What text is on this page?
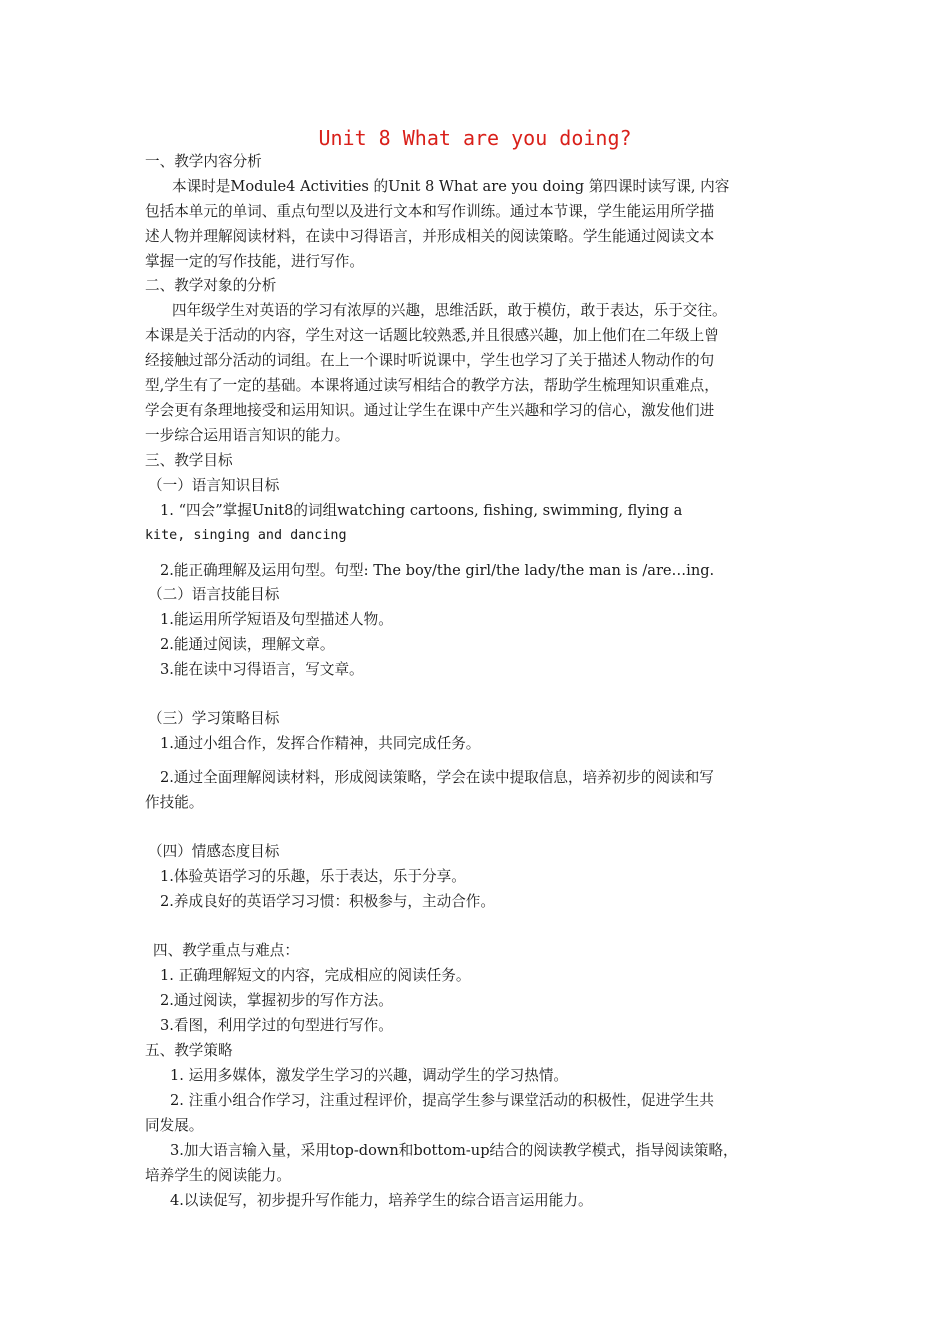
Unit 8 What are you doing?
一、教学内容分析
本课时是Module4 Activities 的Unit 8 What are you doing 第四课时读写课, 内容
包括本单元的单词、重点句型以及进行文本和写作训练。通过本节课，学生能运用所学描
述人物并理解阅读材料，在读中习得语言，并形成相关的阅读策略。学生能通过阅读文本
掌握一定的写作技能，进行写作。
二、教学对象的分析
四年级学生对英语的学习有浓厚的兴趣，思维活跃，敢于模仿，敢于表达，乐于交往。
本课是关于活动的内容，学生对这一话题比较熟悉,并且很感兴趣，加上他们在二年级上曾
经接触过部分活动的词组。在上一个课时听说课中，学生也学习了关于描述人物动作的句
型,学生有了一定的基础。本课将通过读写相结合的教学方法，帮助学生梳理知识重难点，
学会更有条理地接受和运用知识。通过让学生在课中产生兴趣和学习的信心，激发他们进
一步综合运用语言知识的能力。
三、教学目标
（一）语言知识目标
1. “四会”掌握Unit8的词组watching cartoons, fishing, swimming, flying a
kite, singing and dancing
2.能正确理解及运用句型。句型: The boy/the girl/the lady/the man is /are…ing.
（二）语言技能目标
1.能运用所学短语及句型描述人物。
2.能通过阅读，理解文章。
3.能在读中习得语言，写文章。
（三）学习策略目标
1.通过小组合作，发挥合作精神，共同完成任务。
2.通过全面理解阅读材料，形成阅读策略，学会在读中提取信息，培养初步的阅读和写
作技能。
（四）情感态度目标
1.体验英语学习的乐趣，乐于表达，乐于分享。
2.养成良好的英语学习习惯：积极参与，主动合作。
四、教学重点与难点：
1. 正确理解短文的内容，完成相应的阅读任务。
2.通过阅读，掌握初步的写作方法。
3.看图，利用学过的句型进行写作。
五、教学策略
1. 运用多媒体，激发学生学习的兴趣，调动学生的学习热情。
2. 注重小组合作学习，注重过程评价，提高学生参与课堂活动的积极性，促进学生共
同发展。
3.加大语言输入量，采用top-down和bottom-up结合的阅读教学模式，指导阅读策略，
培养学生的阅读能力。
4.以读促写，初步提升写作能力，培养学生的综合语言运用能力。
